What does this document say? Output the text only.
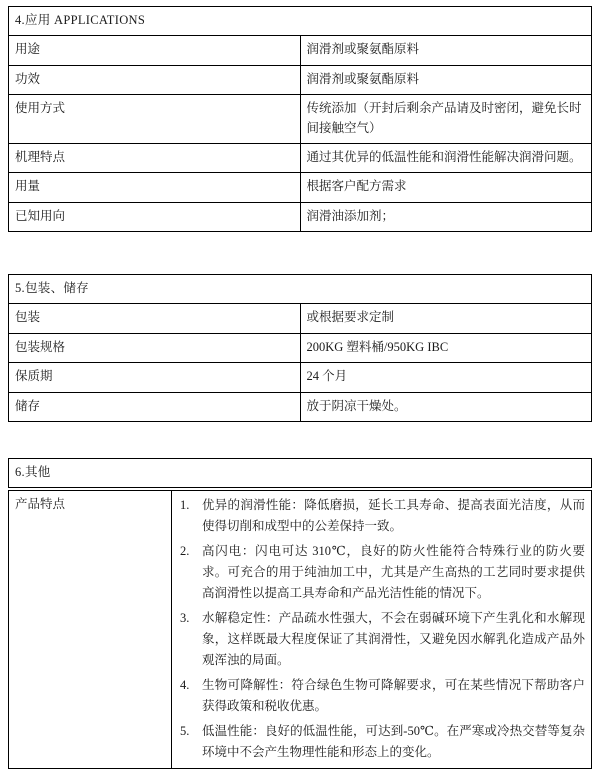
4.应用 APPLICATIONS	
用途	润滑剂或聚氨酯原料
功效	润滑剂或聚氨酯原料
使用方式	传统添加（开封后剩余产品请及时密闭，避免长时间接触空气）
机理特点	通过其优异的低温性能和润滑性能解决润滑问题。
用量	根据客户配方需求
已知用向	润滑油添加剂；
5.包装、储存	
包装	或根据要求定制
包装规格	200KG 塑料桶/950KG IBC
保质期	24 个月
储存	放于阴凉干燥处。
6.其他
产品特点	优异的润滑性能：降低磨损，延长工具寿命、提高表面光洁度，从而使得切削和成型中的公差保持一致。
高闪电：闪电可达 310℃，良好的防火性能符合特殊行业的防火要求。可充合的用于纯油加工中，尤其是产生高热的工艺同时要求提供高润滑性以提高工具寿命和产品光洁性能的情况下。
水解稳定性：产品疏水性强大，不会在弱碱环境下产生乳化和水解现象，这样既最大程度保证了其润滑性，又避免因水解乳化造成产品外观浑浊的局面。
生物可降解性：符合绿色生物可降解要求，可在某些情况下帮助客户获得政策和税收优惠。
低温性能：良好的低温性能，可达到-50℃。在严寒或冷热交替等复杂环境中不会产生物理性能和形态上的变化。
